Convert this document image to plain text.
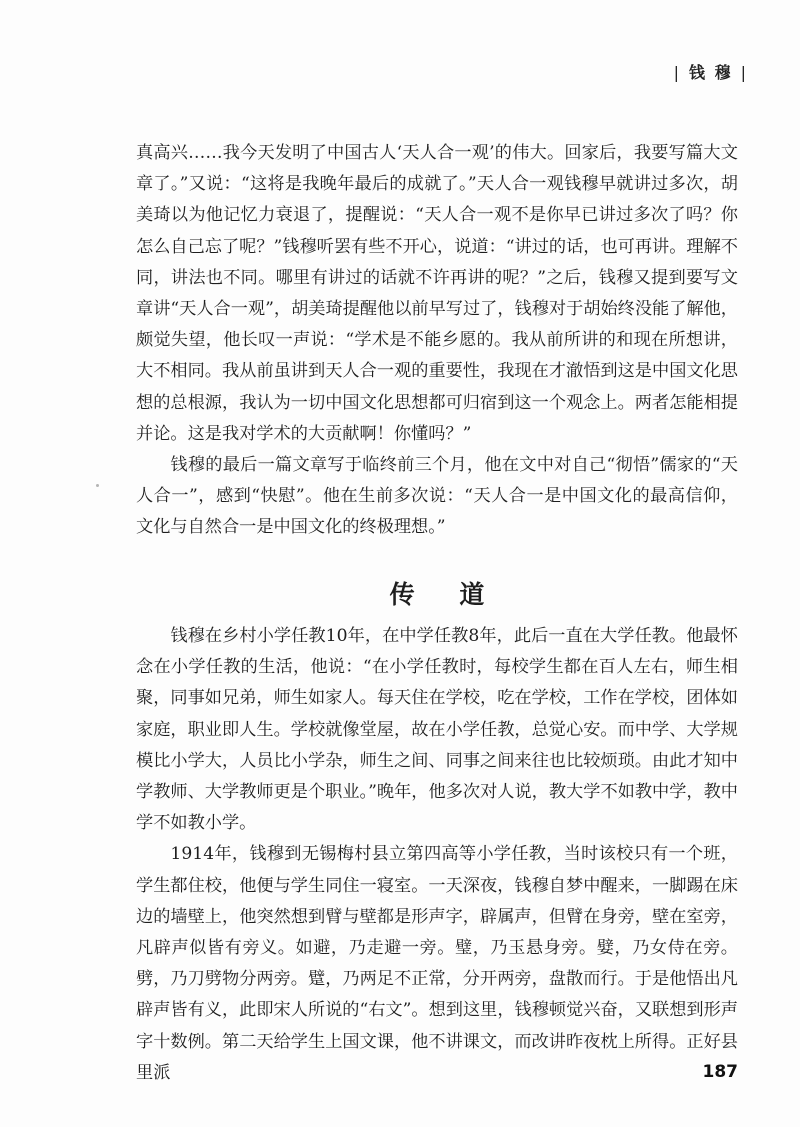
| 钱 穆 |

真高兴……我今天发明了中国古人‘天人合一观’的伟大。回家后，我要写篇大文章了。”又说：“这将是我晚年最后的成就了。”天人合一观钱穆早就讲过多次，胡美琦以为他记忆力衰退了，提醒说：“天人合一观不是你早已讲过多次了吗？你怎么自己忘了呢？”钱穆听罢有些不开心，说道：“讲过的话，也可再讲。理解不同，讲法也不同。哪里有讲过的话就不许再讲的呢？”之后，钱穆又提到要写文章讲“天人合一观”，胡美琦提醒他以前早写过了，钱穆对于胡始终没能了解他，颇觉失望，他长叹一声说：“学术是不能乡愿的。我从前所讲的和现在所想讲，大不相同。我从前虽讲到天人合一观的重要性，我现在才澈悟到这是中国文化思想的总根源，我认为一切中国文化思想都可归宿到这一个观念上。两者怎能相提并论。这是我对学术的大贡献啊！你懂吗？”

钱穆的最后一篇文章写于临终前三个月，他在文中对自己“彻悟”儒家的“天人合一”，感到“快慰”。他在生前多次说：“天人合一是中国文化的最高信仰，文化与自然合一是中国文化的终极理想。”

传 道

钱穆在乡村小学任教10年，在中学任教8年，此后一直在大学任教。他最怀念在小学任教的生活，他说：“在小学任教时，每校学生都在百人左右，师生相聚，同事如兄弟，师生如家人。每天住在学校，吃在学校，工作在学校，团体如家庭，职业即人生。学校就像堂屋，故在小学任教，总觉心安。而中学、大学规模比小学大，人员比小学杂，师生之间、同事之间来往也比较烦琐。由此才知中学教师、大学教师更是个职业。”晚年，他多次对人说，教大学不如教中学，教中学不如教小学。

1914年，钱穆到无锡梅村县立第四高等小学任教，当时该校只有一个班，学生都住校，他便与学生同住一寝室。一天深夜，钱穆自梦中醒来，一脚踢在床边的墙壁上，他突然想到臂与壁都是形声字，辟属声，但臂在身旁，壁在室旁，凡辟声似皆有旁义。如避，乃走避一旁。璧，乃玉悬身旁。嬖，乃女侍在旁。劈，乃刀劈物分两旁。躄，乃两足不正常，分开两旁，盘散而行。于是他悟出凡辟声皆有义，此即宋人所说的“右文”。想到这里，钱穆顿觉兴奋，又联想到形声字十数例。第二天给学生上国文课，他不讲课文，而改讲昨夜枕上所得。正好县里派	187
